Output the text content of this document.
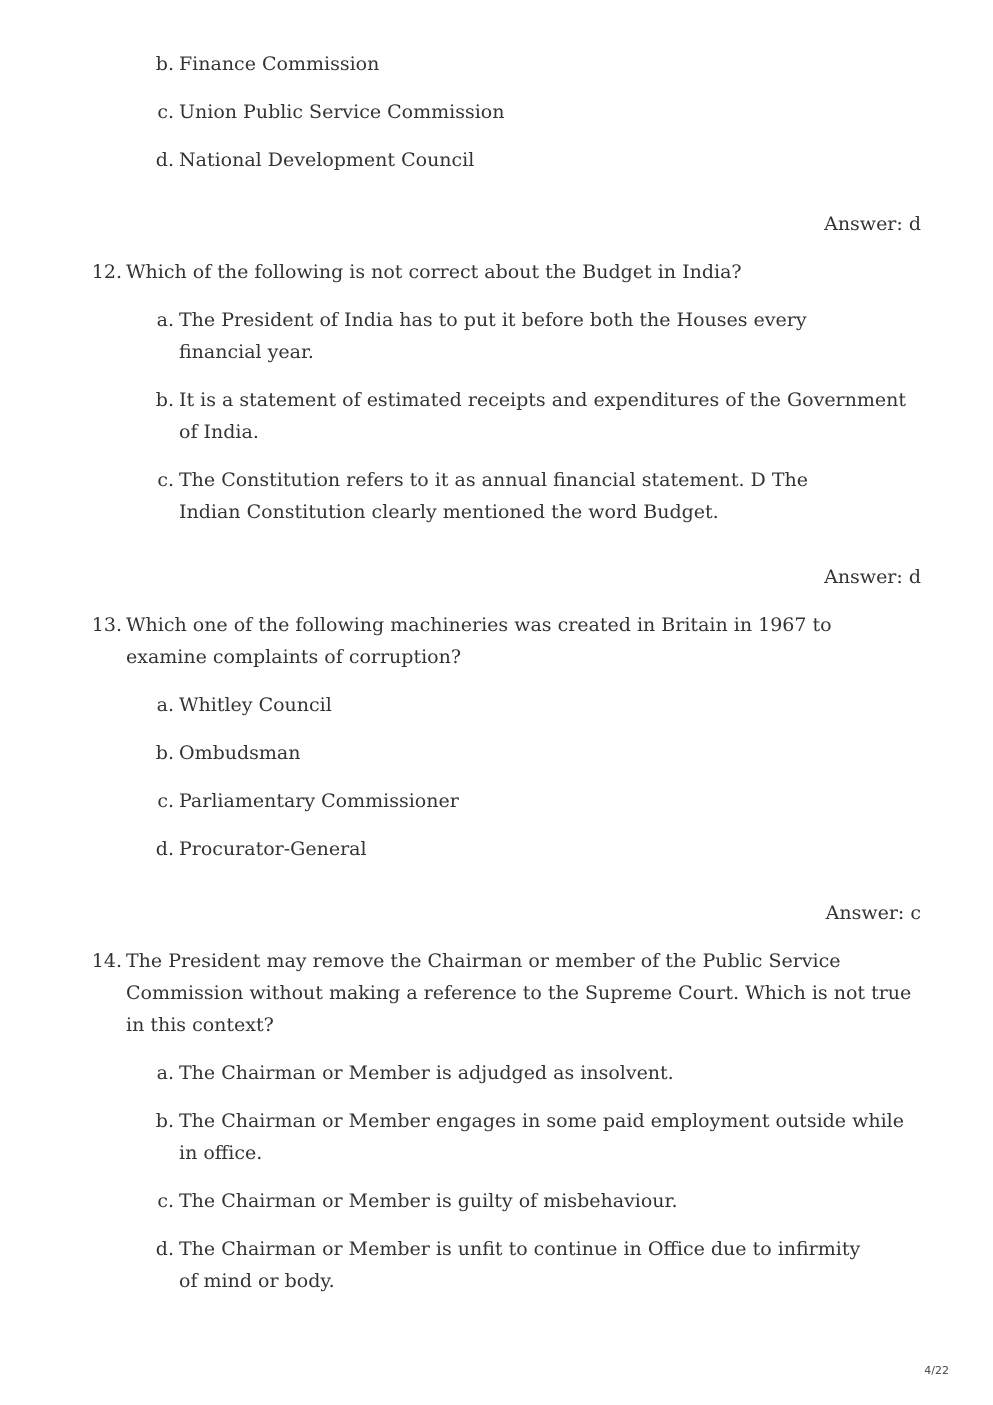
b. Finance Commission
c. Union Public Service Commission
d. National Development Council
Answer: d
12. Which of the following is not correct about the Budget in India?
a. The President of India has to put it before both the Houses every financial year.
b. It is a statement of estimated receipts and expenditures of the Government of India.
c. The Constitution refers to it as annual financial statement. D The Indian Constitution clearly mentioned the word Budget.
Answer: d
13. Which one of the following machineries was created in Britain in 1967 to examine complaints of corruption?
a. Whitley Council
b. Ombudsman
c. Parliamentary Commissioner
d. Procurator-General
Answer: c
14. The President may remove the Chairman or member of the Public Service Commission without making a reference to the Supreme Court. Which is not true in this context?
a. The Chairman or Member is adjudged as insolvent.
b. The Chairman or Member engages in some paid employment outside while in office.
c. The Chairman or Member is guilty of misbehaviour.
d. The Chairman or Member is unfit to continue in Office due to infirmity of mind or body.
4/22
